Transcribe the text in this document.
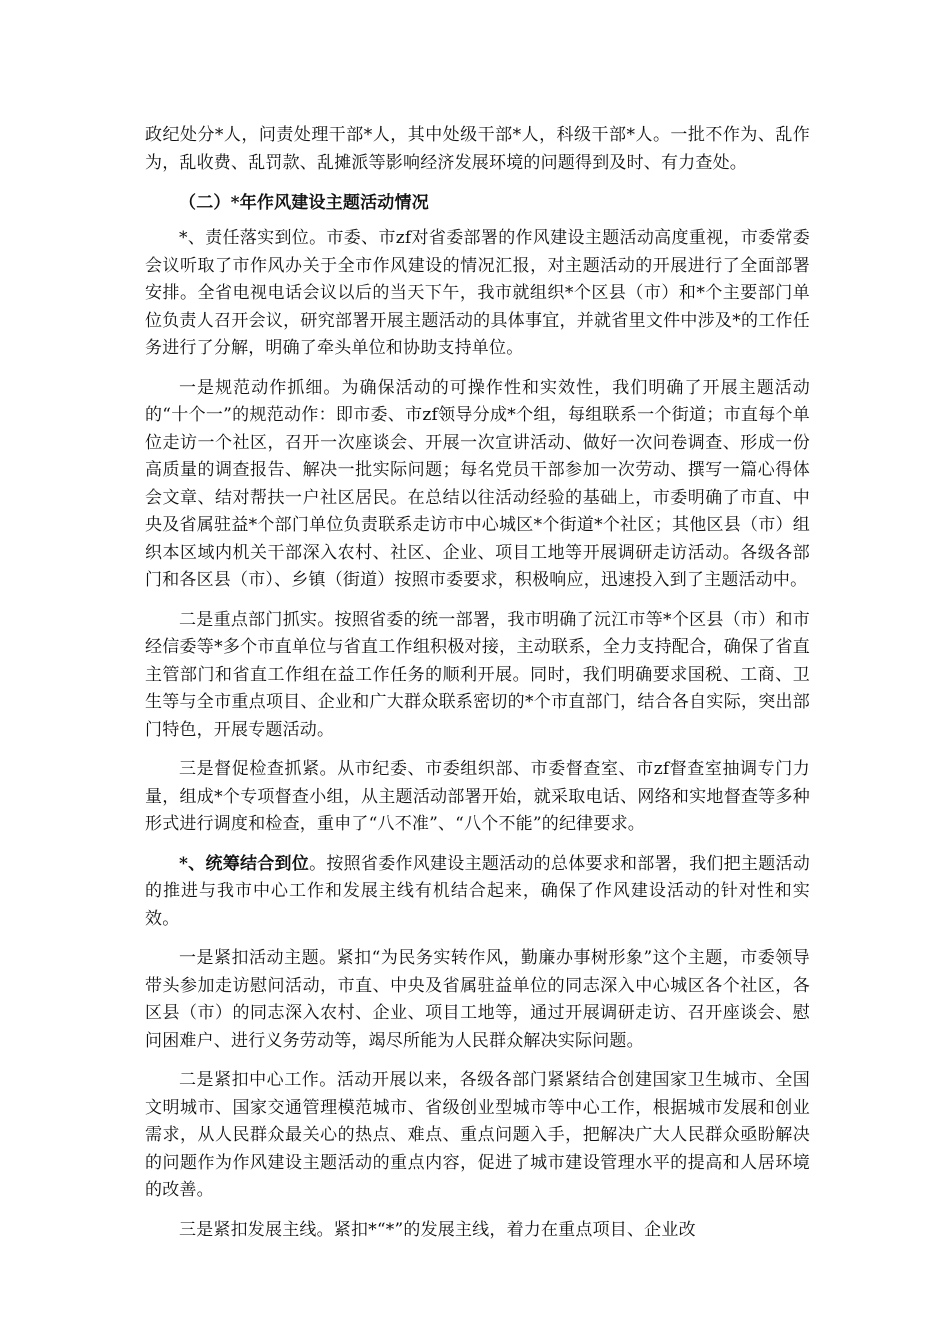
政纪处分*人，问责处理干部*人，其中处级干部*人，科级干部*人。一批不作为、乱作为，乱收费、乱罚款、乱摊派等影响经济发展环境的问题得到及时、有力查处。

（二）*年作风建设主题活动情况

*、责任落实到位。市委、市zf对省委部署的作风建设主题活动高度重视，市委常委会议听取了市作风办关于全市作风建设的情况汇报，对主题活动的开展进行了全面部署安排。全省电视电话会议以后的当天下午，我市就组织*个区县（市）和*个主要部门单位负责人召开会议，研究部署开展主题活动的具体事宜，并就省里文件中涉及*的工作任务进行了分解，明确了牵头单位和协助支持单位。

一是规范动作抓细。为确保活动的可操作性和实效性，我们明确了开展主题活动的“十个一”的规范动作：即市委、市zf领导分成*个组，每组联系一个街道；市直每个单位走访一个社区，召开一次座谈会、开展一次宣讲活动、做好一次问卷调查、形成一份高质量的调查报告、解决一批实际问题；每名党员干部参加一次劳动、撰写一篇心得体会文章、结对帮扶一户社区居民。在总结以往活动经验的基础上，市委明确了市直、中央及省属驻益*个部门单位负责联系走访市中心城区*个街道*个社区；其他区县（市）组织本区域内机关干部深入农村、社区、企业、项目工地等开展调研走访活动。各级各部门和各区县（市）、乡镇（街道）按照市委要求，积极响应，迅速投入到了主题活动中。

二是重点部门抓实。按照省委的统一部署，我市明确了沅江市等*个区县（市）和市经信委等*多个市直单位与省直工作组积极对接，主动联系，全力支持配合，确保了省直主管部门和省直工作组在益工作任务的顺利开展。同时，我们明确要求国税、工商、卫生等与全市重点项目、企业和广大群众联系密切的*个市直部门，结合各自实际，突出部门特色，开展专题活动。

三是督促检查抓紧。从市纪委、市委组织部、市委督查室、市zf督查室抽调专门力量，组成*个专项督查小组，从主题活动部署开始，就采取电话、网络和实地督查等多种形式进行调度和检查，重申了“八不准”、“八个不能”的纪律要求。

*、统筹结合到位。按照省委作风建设主题活动的总体要求和部署，我们把主题活动的推进与我市中心工作和发展主线有机结合起来，确保了作风建设活动的针对性和实效。

一是紧扣活动主题。紧扣“为民务实转作风，勤廉办事树形象”这个主题，市委领导带头参加走访慰问活动，市直、中央及省属驻益单位的同志深入中心城区各个社区，各区县（市）的同志深入农村、企业、项目工地等，通过开展调研走访、召开座谈会、慰问困难户、进行义务劳动等，竭尽所能为人民群众解决实际问题。

二是紧扣中心工作。活动开展以来，各级各部门紧紧结合创建国家卫生城市、全国文明城市、国家交通管理模范城市、省级创业型城市等中心工作，根据城市发展和创业需求，从人民群众最关心的热点、难点、重点问题入手，把解决广大人民群众亟盼解决的问题作为作风建设主题活动的重点内容，促进了城市建设管理水平的提高和人居环境的改善。

三是紧扣发展主线。紧扣*“*”的发展主线，着力在重点项目、企业改
